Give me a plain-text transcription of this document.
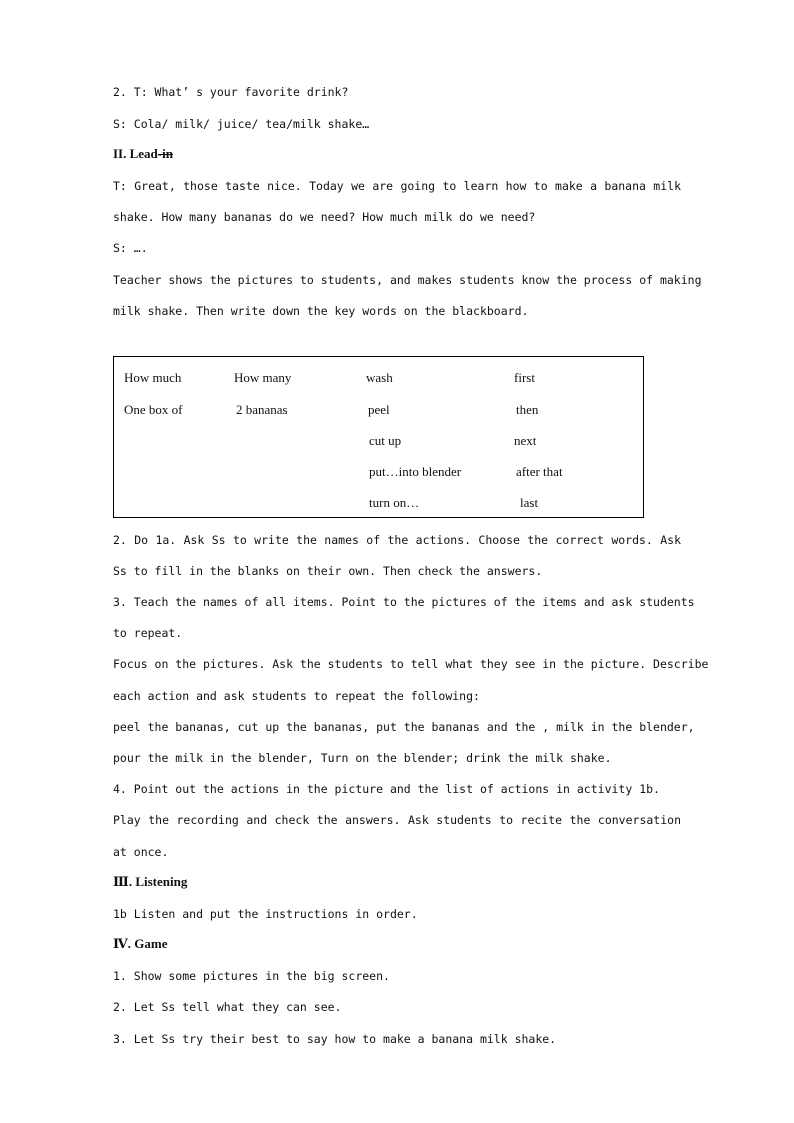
2. T: What’ s your favorite drink?
S: Cola/ milk/ juice/ tea/milk shake…
II. Lead-in
T: Great, those taste nice. Today we are going to learn how to make a banana milk
shake. How many bananas do we need? How much milk do we need?
S: ….
Teacher shows the pictures to students, and makes students know the process of making
milk shake. Then write down the key words on the blackboard.
How much
One box of
How many
2 bananas
wash
peel
cut up
put…into blender
turn on…
first
then
next
after that
last
2. Do 1a. Ask Ss to write the names of the actions. Choose the correct words. Ask
Ss to fill in the blanks on their own. Then check the answers.
3. Teach the names of all items. Point to the pictures of the items and ask students
to repeat.
Focus on the pictures. Ask the students to tell what they see in the picture. Describe
each action and ask students to repeat the following:
peel the bananas, cut up the bananas, put the bananas and the , milk in the blender,
pour the milk in the blender, Turn on the blender; drink the milk shake.
4. Point out the actions in the picture and the list of actions in activity 1b.
Play the recording and check the answers. Ask students to recite the conversation
at once.
Ⅲ. Listening
1b Listen and put the instructions in order.
Ⅳ. Game
1. Show some pictures in the big screen.
2. Let Ss tell what they can see.
3. Let Ss try their best to say how to make a banana milk shake.
